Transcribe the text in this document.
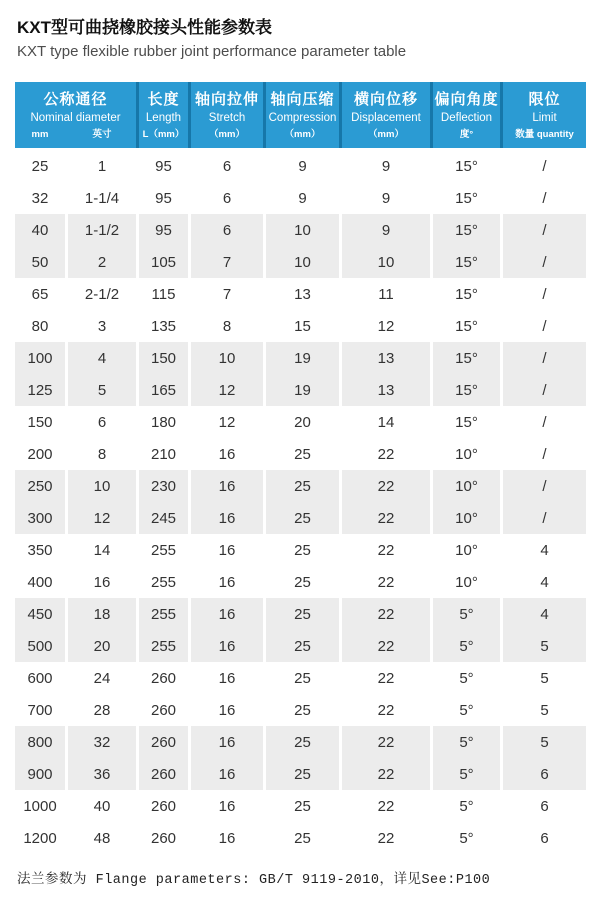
KXT型可曲挠橡胶接头性能参数表
KXT type flexible rubber joint performance parameter table
公称通径
Nominal diameter
mm	英寸
长度
Length
L（mm）
轴向拉伸
Stretch
（mm）
轴向压缩
Compression
（mm）
横向位移
Displacement
（mm）
偏向角度
Deflection
度°
限位
Limit
数量 quantity
25	1	95	6	9	9	15°	/
32	1-1/4	95	6	9	9	15°	/
40	1-1/2	95	6	10	9	15°	/
50	2	105	7	10	10	15°	/
65	2-1/2	115	7	13	11	15°	/
80	3	135	8	15	12	15°	/
100	4	150	10	19	13	15°	/
125	5	165	12	19	13	15°	/
150	6	180	12	20	14	15°	/
200	8	210	16	25	22	10°	/
250	10	230	16	25	22	10°	/
300	12	245	16	25	22	10°	/
350	14	255	16	25	22	10°	4
400	16	255	16	25	22	10°	4
450	18	255	16	25	22	5°	4
500	20	255	16	25	22	5°	5
600	24	260	16	25	22	5°	5
700	28	260	16	25	22	5°	5
800	32	260	16	25	22	5°	5
900	36	260	16	25	22	5°	6
1000	40	260	16	25	22	5°	6
1200	48	260	16	25	22	5°	6

法兰参数为 Flange parameters: GB/T 9119-2010，详见See:P100
